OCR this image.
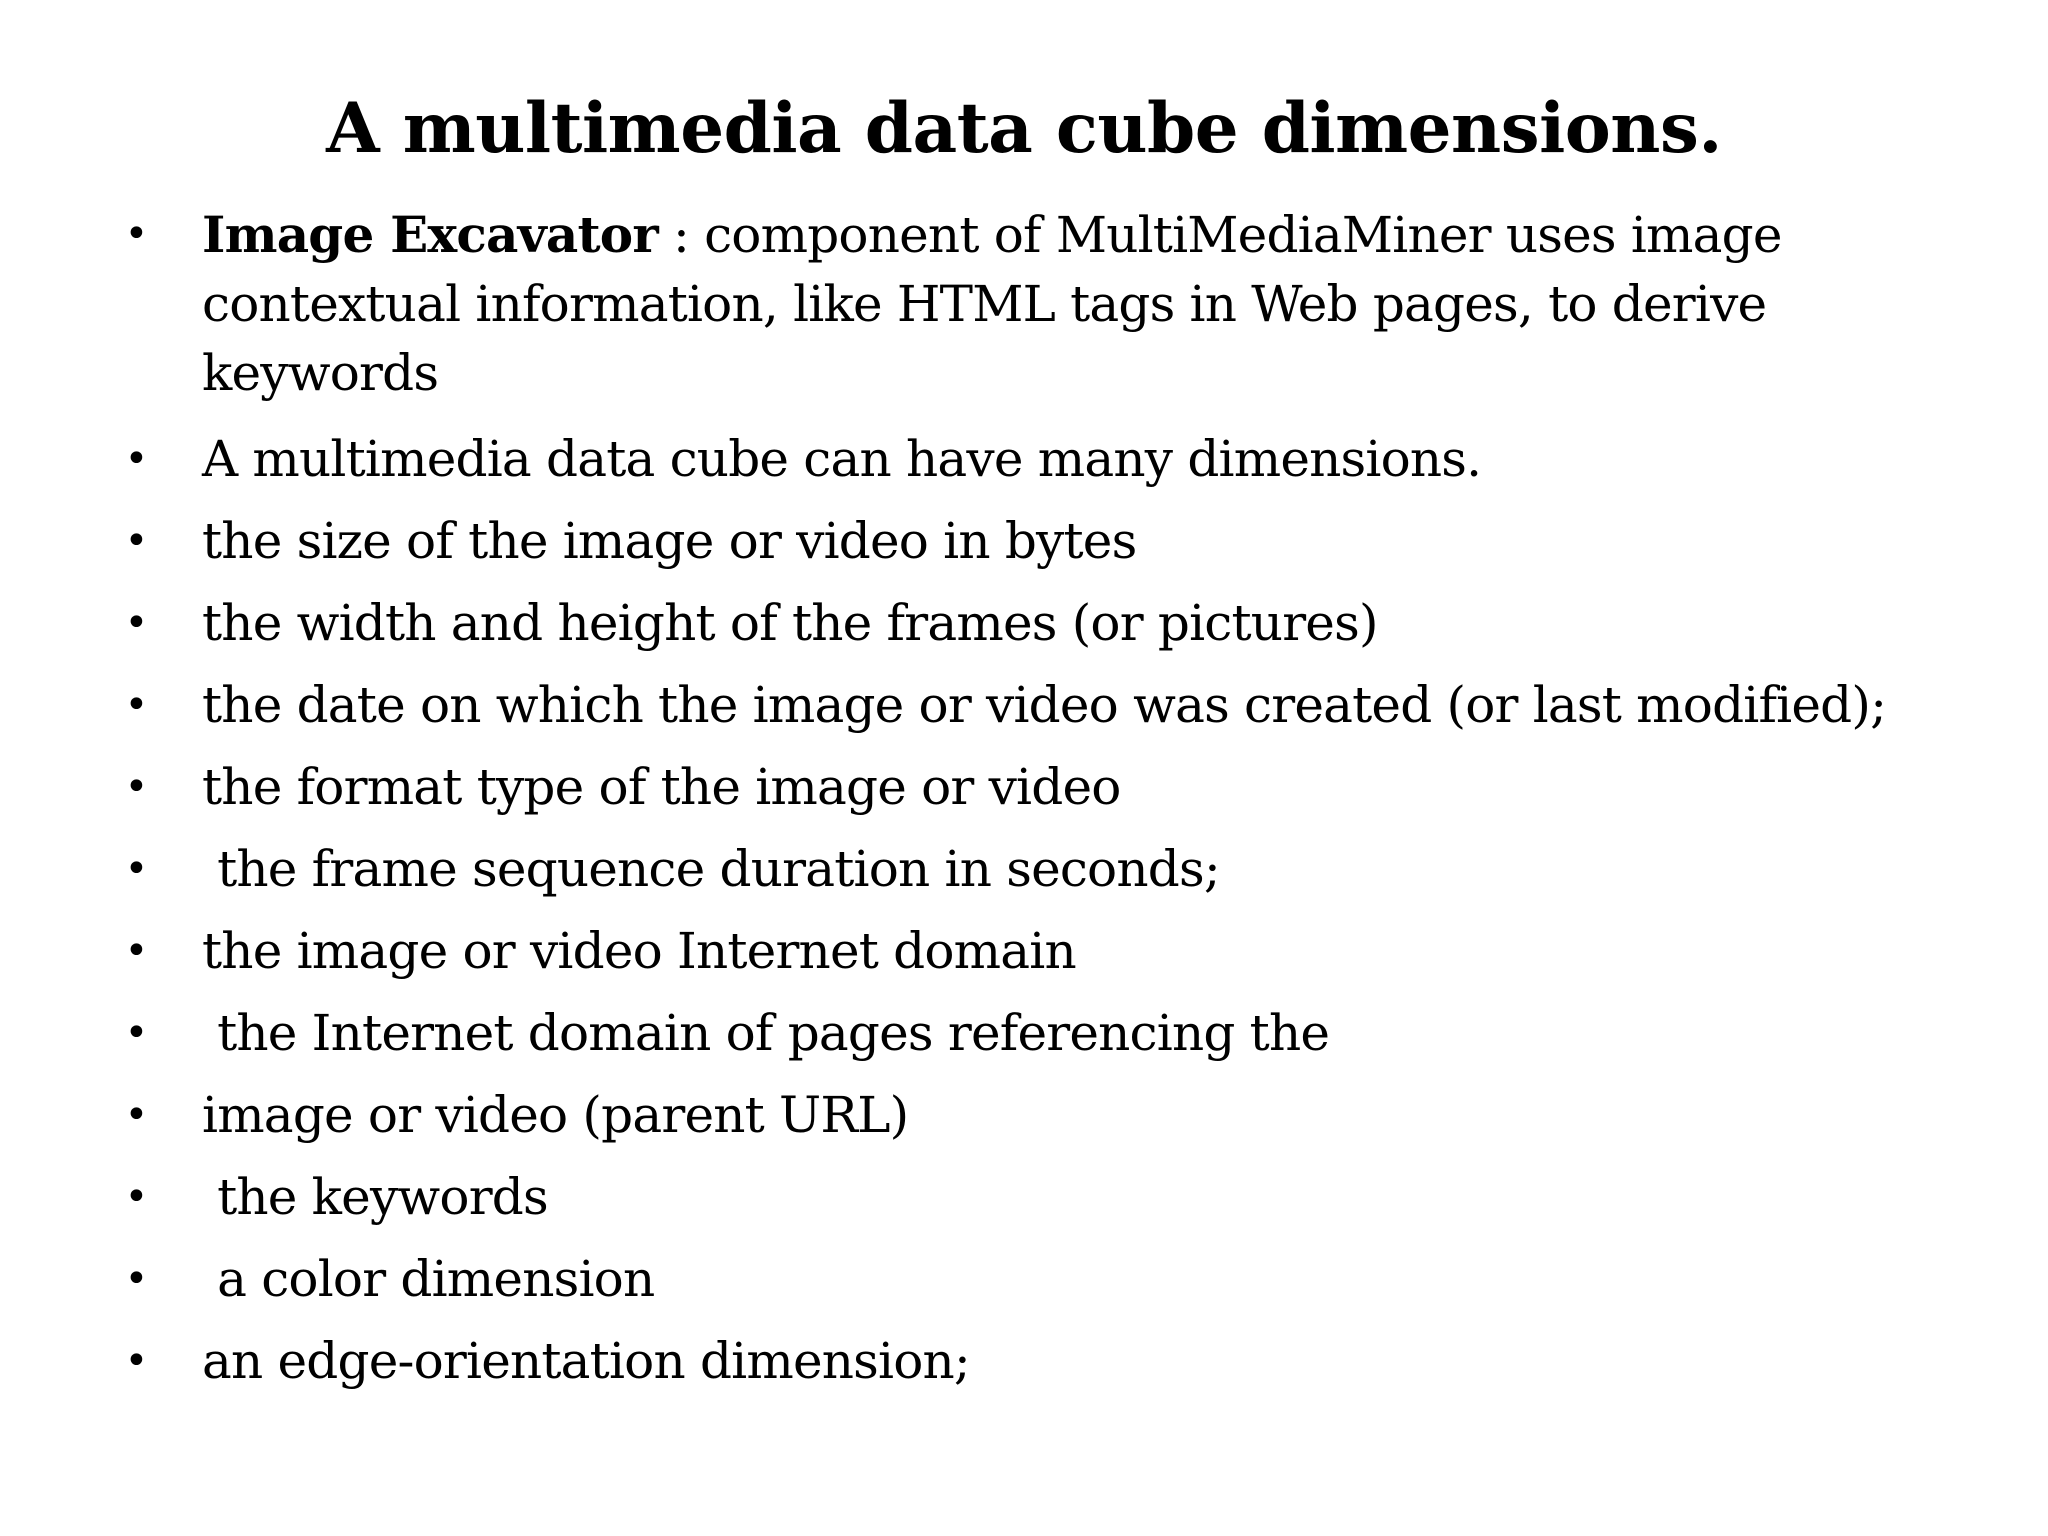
A multimedia data cube dimensions.
• Image Excavator : component of MultiMediaMiner uses image contextual information, like HTML tags in Web pages, to derive keywords
• A multimedia data cube can have many dimensions.
• the size of the image or video in bytes
• the width and height of the frames (or pictures)
• the date on which the image or video was created (or last modified);
• the format type of the image or video
• the frame sequence duration in seconds;
• the image or video Internet domain
• the Internet domain of pages referencing the
• image or video (parent URL)
• the keywords
• a color dimension
• an edge-orientation dimension;
